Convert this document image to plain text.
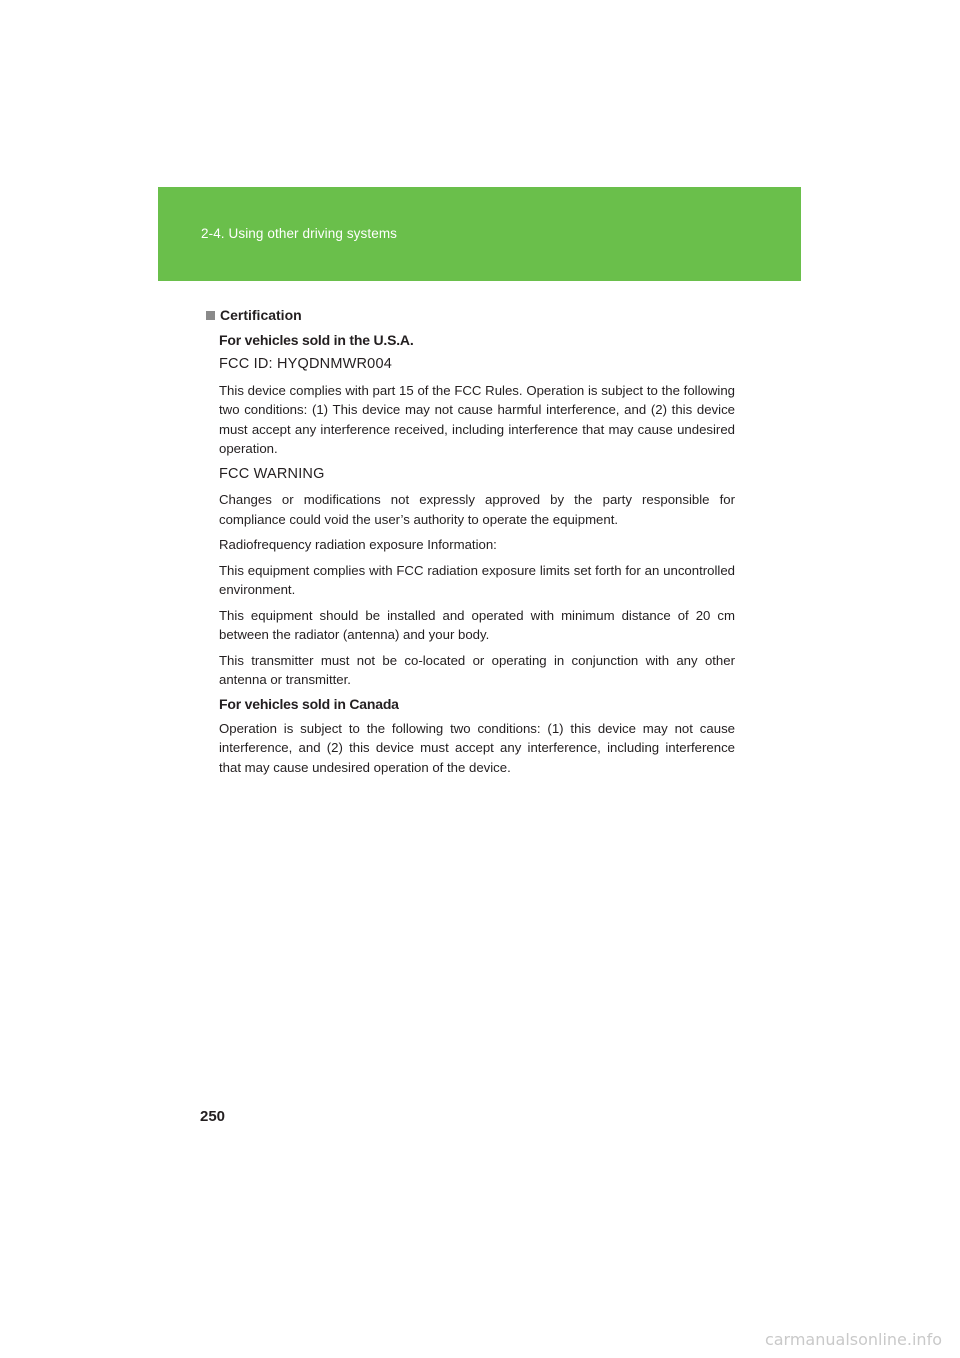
2-4. Using other driving systems
Certification

For vehicles sold in the U.S.A.

FCC ID: HYQDNMWR004

This device complies with part 15 of the FCC Rules. Operation is subject to the following two conditions: (1) This device may not cause harmful interference, and (2) this device must accept any interference received, including interference that may cause undesired operation.

FCC WARNING

Changes or modifications not expressly approved by the party responsible for compliance could void the user’s authority to operate the equipment.

Radiofrequency radiation exposure Information:

This equipment complies with FCC radiation exposure limits set forth for an uncontrolled environment.

This equipment should be installed and operated with minimum distance of 20 cm between the radiator (antenna) and your body.

This transmitter must not be co-located or operating in conjunction with any other antenna or transmitter.

For vehicles sold in Canada

Operation is subject to the following two conditions: (1) this device may not cause interference, and (2) this device must accept any interference, including interference that may cause undesired operation of the device.

250
carmanualsonline.info
